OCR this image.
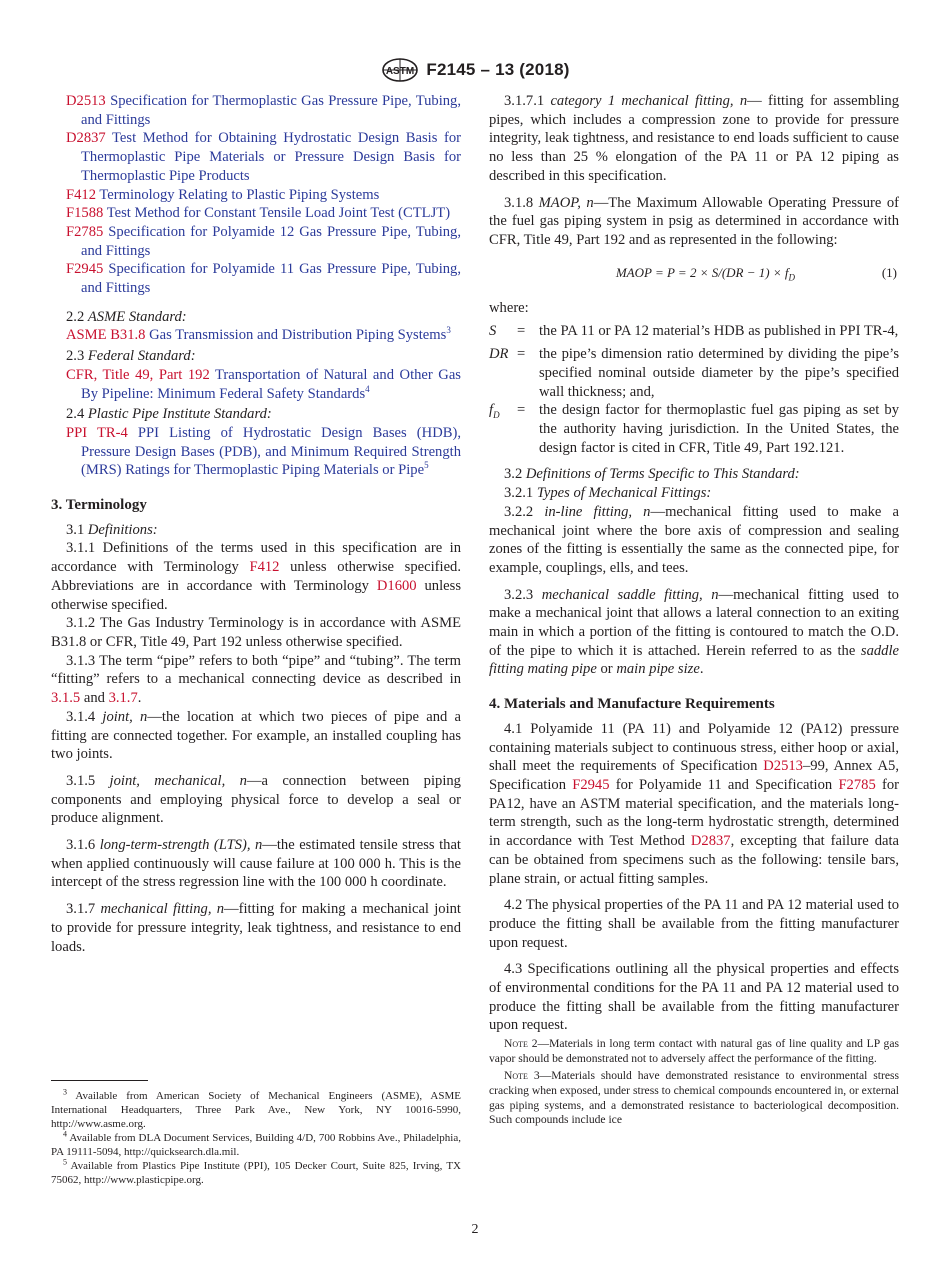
ASTM F2145 – 13 (2018)

D2513 Specification for Thermoplastic Gas Pressure Pipe, Tubing, and Fittings

D2837 Test Method for Obtaining Hydrostatic Design Basis for Thermoplastic Pipe Materials or Pressure Design Basis for Thermoplastic Pipe Products

F412 Terminology Relating to Plastic Piping Systems

F1588 Test Method for Constant Tensile Load Joint Test (CTLJT)

F2785 Specification for Polyamide 12 Gas Pressure Pipe, Tubing, and Fittings

F2945 Specification for Polyamide 11 Gas Pressure Pipe, Tubing, and Fittings

2.2 ASME Standard:

ASME B31.8 Gas Transmission and Distribution Piping Systems$^3$

2.3 Federal Standard:

CFR, Title 49, Part 192 Transportation of Natural and Other Gas By Pipeline: Minimum Federal Safety Standards$^4$

2.4 Plastic Pipe Institute Standard:

PPI TR-4 PPI Listing of Hydrostatic Design Bases (HDB), Pressure Design Bases (PDB), and Minimum Required Strength (MRS) Ratings for Thermoplastic Piping Materials or Pipe$^5$

3. Terminology

3.1 Definitions:

3.1.1 Definitions of the terms used in this specification are in accordance with Terminology F412 unless otherwise specified. Abbreviations are in accordance with Terminology D1600 unless otherwise specified.

3.1.2 The Gas Industry Terminology is in accordance with ASME B31.8 or CFR, Title 49, Part 192 unless otherwise specified.

3.1.3 The term “pipe” refers to both “pipe” and “tubing”. The term “fitting” refers to a mechanical connecting device as described in 3.1.5 and 3.1.7.

3.1.4 joint, n—the location at which two pieces of pipe and a fitting are connected together. For example, an installed coupling has two joints.

3.1.5 joint, mechanical, n—a connection between piping components and employing physical force to develop a seal or produce alignment.

3.1.6 long-term-strength (LTS), n—the estimated tensile stress that when applied continuously will cause failure at 100 000 h. This is the intercept of the stress regression line with the 100 000 h coordinate.

3.1.7 mechanical fitting, n—fitting for making a mechanical joint to provide for pressure integrity, leak tightness, and resistance to end loads.

3.1.7.1 category 1 mechanical fitting, n— fitting for assembling pipes, which includes a compression zone to provide for pressure integrity, leak tightness, and resistance to end loads sufficient to cause no less than 25 % elongation of the PA 11 or PA 12 piping as described in this specification.

3.1.8 MAOP, n—The Maximum Allowable Operating Pressure of the fuel gas piping system in psig as determined in accordance with CFR, Title 49, Part 192 and as represented in the following:

MAOP = $P = 2 \times S/(DR - 1) \times f_D$	(1)

where:

S	= the PA 11 or PA 12 material’s HDB as published in PPI TR-4,
DR = the pipe’s dimension ratio determined by dividing the pipe’s specified nominal outside diameter by the pipe’s specified wall thickness; and,
$f_D$	= the design factor for thermoplastic fuel gas piping as set by the authority having jurisdiction. In the United States, the design factor is cited in CFR, Title 49, Part 192.121.

3.2 Definitions of Terms Specific to This Standard:

3.2.1 Types of Mechanical Fittings:

3.2.2 in-line fitting, n—mechanical fitting used to make a mechanical joint where the bore axis of compression and sealing zones of the fitting is essentially the same as the connected pipe, for example, couplings, ells, and tees.

3.2.3 mechanical saddle fitting, n—mechanical fitting used to make a mechanical joint that allows a lateral connection to an exiting main in which a portion of the fitting is contoured to match the O.D. of the pipe to which it is attached. Herein referred to as the saddle fitting mating pipe or main pipe size.

4. Materials and Manufacture Requirements

4.1 Polyamide 11 (PA 11) and Polyamide 12 (PA12) pressure containing materials subject to continuous stress, either hoop or axial, shall meet the requirements of Specification D2513–99, Annex A5, Specification F2945 for Polyamide 11 and Specification F2785 for PA12, have an ASTM material specification, and the materials long-term strength, such as the long-term hydrostatic strength, determined in accordance with Test Method D2837, excepting that failure data can be obtained from specimens such as the following: tensile bars, plane strain, or actual fitting samples.

4.2 The physical properties of the PA 11 and PA 12 material used to produce the fitting shall be available from the fitting manufacturer upon request.

4.3 Specifications outlining all the physical properties and effects of environmental conditions for the PA 11 and PA 12 material used to produce the fitting shall be available from the fitting manufacturer upon request.

Note 2—Materials in long term contact with natural gas of line quality and LP gas vapor should be demonstrated not to adversely affect the performance of the fitting.

Note 3—Materials should have demonstrated resistance to environmental stress cracking when exposed, under stress to chemical compounds encountered in, or external gas piping systems, and a demonstrated resistance to bacteriological decomposition. Such compounds include ice

$^3$ Available from American Society of Mechanical Engineers (ASME), ASME International Headquarters, Three Park Ave., New York, NY 10016-5990, http://www.asme.org.

$^4$ Available from DLA Document Services, Building 4/D, 700 Robbins Ave., Philadelphia, PA 19111-5094, http://quicksearch.dla.mil.

$^5$ Available from Plastics Pipe Institute (PPI), 105 Decker Court, Suite 825, Irving, TX 75062, http://www.plasticpipe.org.

2
